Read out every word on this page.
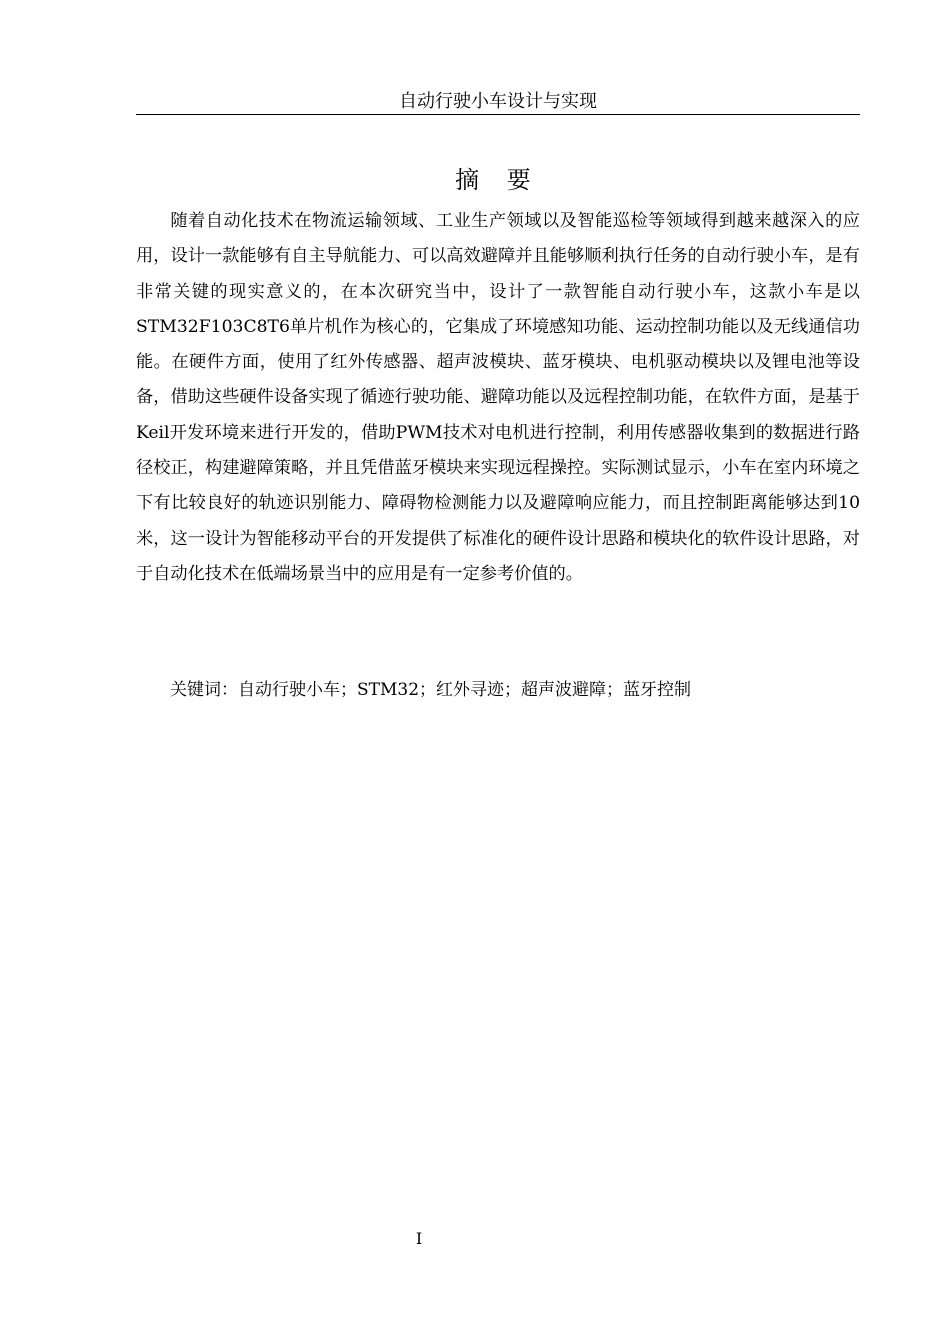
自动行驶小车设计与实现
摘 要

随着自动化技术在物流运输领域、工业生产领域以及智能巡检等领域得到越来越深入的应用，设计一款能够有自主导航能力、可以高效避障并且能够顺利执行任务的自动行驶小车，是有非常关键的现实意义的，在本次研究当中，设计了一款智能自动行驶小车，这款小车是以STM32F103C8T6单片机作为核心的，它集成了环境感知功能、运动控制功能以及无线通信功能。在硬件方面，使用了红外传感器、超声波模块、蓝牙模块、电机驱动模块以及锂电池等设备，借助这些硬件设备实现了循迹行驶功能、避障功能以及远程控制功能，在软件方面，是基于Keil开发环境来进行开发的，借助PWM技术对电机进行控制，利用传感器收集到的数据进行路径校正，构建避障策略，并且凭借蓝牙模块来实现远程操控。实际测试显示，小车在室内环境之下有比较良好的轨迹识别能力、障碍物检测能力以及避障响应能力，而且控制距离能够达到10米，这一设计为智能移动平台的开发提供了标准化的硬件设计思路和模块化的软件设计思路，对于自动化技术在低端场景当中的应用是有一定参考价值的。

关键词：自动行驶小车；STM32；红外寻迹；超声波避障；蓝牙控制

I
